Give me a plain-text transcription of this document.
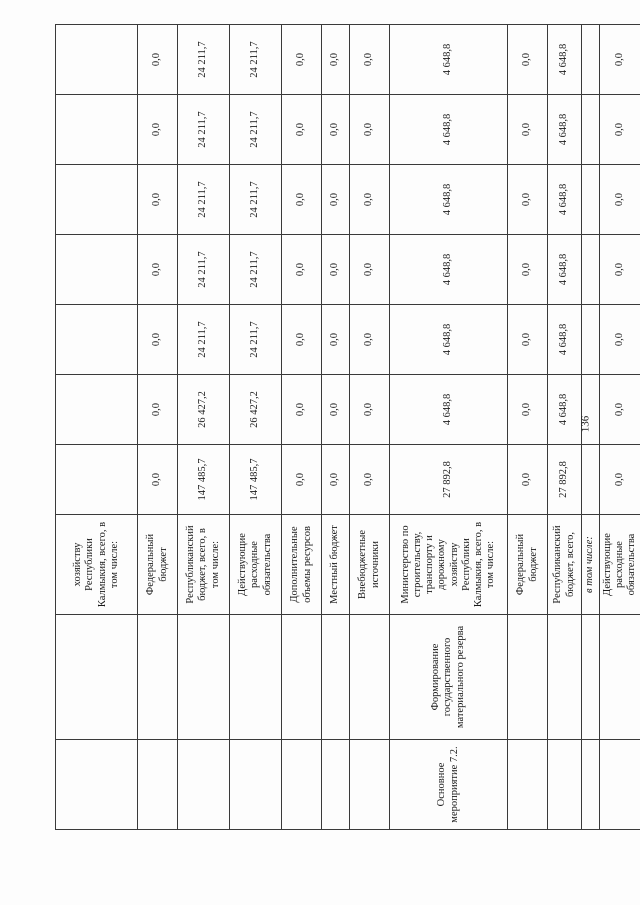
		хозяйству Республики Калмыкия, всего, в том числе:							
		Федеральный бюджет	0,0	0,0	0,0	0,0	0,0	0,0	0,0
		Республиканский бюджет, всего, в том числе:	147 485,7	26 427,2	24 211,7	24 211,7	24 211,7	24 211,7	24 211,7
		Действующие расходные обязательства	147 485,7	26 427,2	24 211,7	24 211,7	24 211,7	24 211,7	24 211,7
		Дополнительные объемы ресурсов	0,0	0,0	0,0	0,0	0,0	0,0	0,0
		Местный бюджет	0,0	0,0	0,0	0,0	0,0	0,0	0,0
		Внебюджетные источники	0,0	0,0	0,0	0,0	0,0	0,0	0,0
Основное мероприятие 7.2.	Формирование государственного материального резерва	Министерство по строительству, транспорту и дорожному хозяйству Республики Калмыкия, всего, в том числе:	27 892,8	4 648,8	4 648,8	4 648,8	4 648,8	4 648,8	4 648,8
		Федеральный бюджет	0,0	0,0	0,0	0,0	0,0	0,0	0,0
		Республиканский бюджет, всего,	27 892,8	4 648,8	4 648,8	4 648,8	4 648,8	4 648,8	4 648,8
		в том числе:							
		Действующие расходные обязательства	0,0	0,0	0,0	0,0	0,0	0,0	0,0
136
